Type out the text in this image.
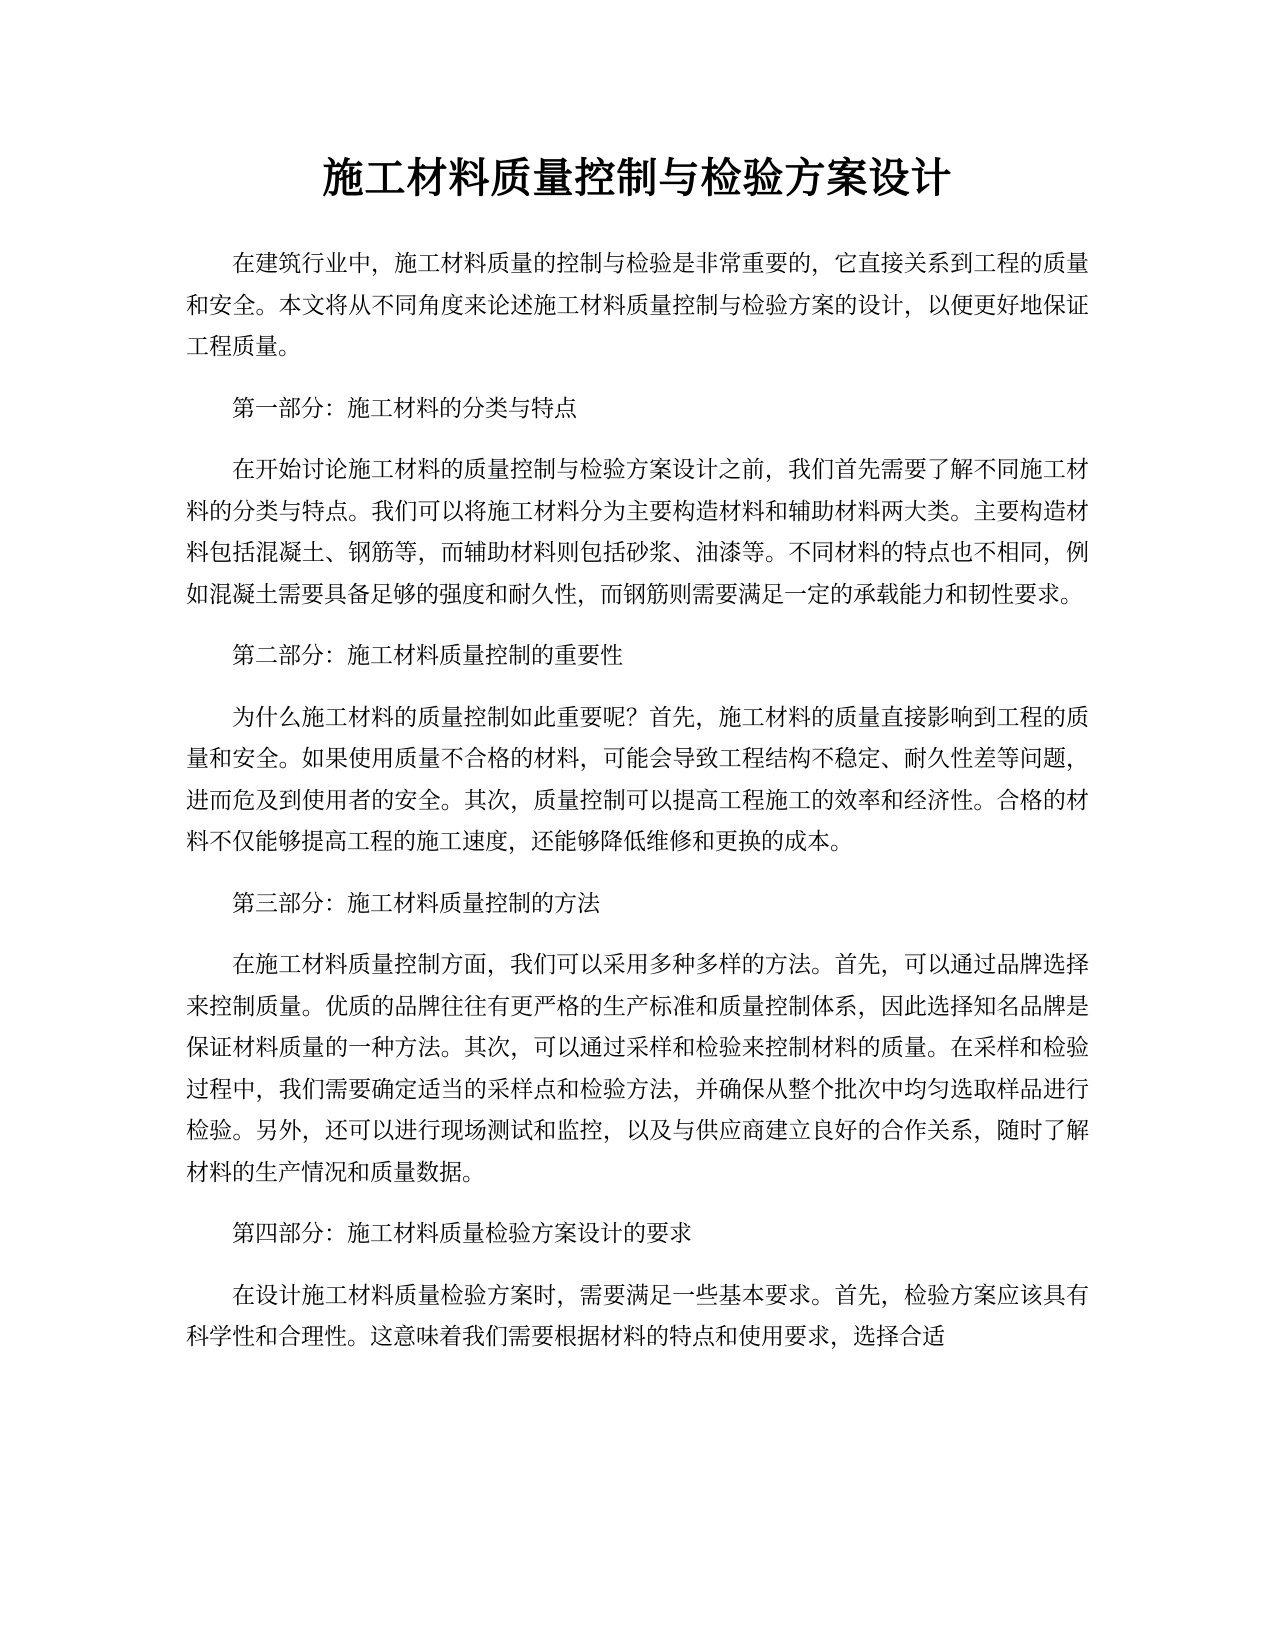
施工材料质量控制与检验方案设计

在建筑行业中，施工材料质量的控制与检验是非常重要的，它直接关系到工程的质量和安全。本文将从不同角度来论述施工材料质量控制与检验方案的设计，以便更好地保证工程质量。

第一部分：施工材料的分类与特点

在开始讨论施工材料的质量控制与检验方案设计之前，我们首先需要了解不同施工材料的分类与特点。我们可以将施工材料分为主要构造材料和辅助材料两大类。主要构造材料包括混凝土、钢筋等，而辅助材料则包括砂浆、油漆等。不同材料的特点也不相同，例如混凝土需要具备足够的强度和耐久性，而钢筋则需要满足一定的承载能力和韧性要求。

第二部分：施工材料质量控制的重要性

为什么施工材料的质量控制如此重要呢？首先，施工材料的质量直接影响到工程的质量和安全。如果使用质量不合格的材料，可能会导致工程结构不稳定、耐久性差等问题，进而危及到使用者的安全。其次，质量控制可以提高工程施工的效率和经济性。合格的材料不仅能够提高工程的施工速度，还能够降低维修和更换的成本。

第三部分：施工材料质量控制的方法

在施工材料质量控制方面，我们可以采用多种多样的方法。首先，可以通过品牌选择来控制质量。优质的品牌往往有更严格的生产标准和质量控制体系，因此选择知名品牌是保证材料质量的一种方法。其次，可以通过采样和检验来控制材料的质量。在采样和检验过程中，我们需要确定适当的采样点和检验方法，并确保从整个批次中均匀选取样品进行检验。另外，还可以进行现场测试和监控，以及与供应商建立良好的合作关系，随时了解材料的生产情况和质量数据。

第四部分：施工材料质量检验方案设计的要求

在设计施工材料质量检验方案时，需要满足一些基本要求。首先，检验方案应该具有科学性和合理性。这意味着我们需要根据材料的特点和使用要求，选择合适
